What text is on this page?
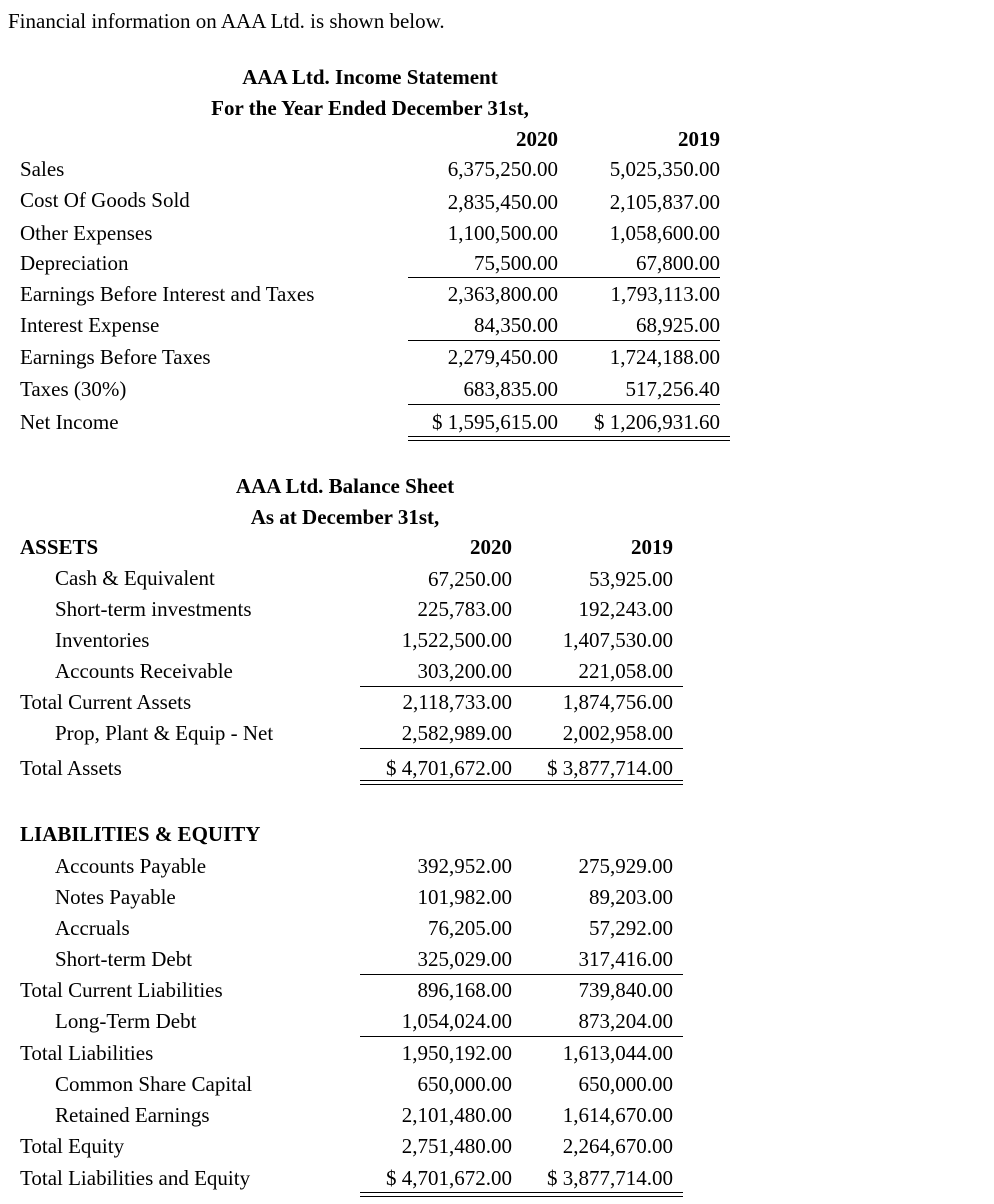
Financial information on AAA Ltd. is shown below.
AAA Ltd. Income Statement
For the Year Ended December 31st,
2020	2019
Sales	6,375,250.00	5,025,350.00
Cost Of Goods Sold	2,835,450.00	2,105,837.00
Other Expenses	1,100,500.00	1,058,600.00
Depreciation	75,500.00	67,800.00
Earnings Before Interest and Taxes	2,363,800.00	1,793,113.00
Interest Expense	84,350.00	68,925.00
Earnings Before Taxes	2,279,450.00	1,724,188.00
Taxes (30%)	683,835.00	517,256.40
Net Income	$ 1,595,615.00	$ 1,206,931.60
AAA Ltd. Balance Sheet
As at December 31st,
ASSETS	2020	2019
Cash & Equivalent	67,250.00	53,925.00
Short-term investments	225,783.00	192,243.00
Inventories	1,522,500.00	1,407,530.00
Accounts Receivable	303,200.00	221,058.00
Total Current Assets	2,118,733.00	1,874,756.00
Prop, Plant & Equip - Net	2,582,989.00	2,002,958.00
Total Assets	$ 4,701,672.00	$ 3,877,714.00
LIABILITIES & EQUITY
Accounts Payable	392,952.00	275,929.00
Notes Payable	101,982.00	89,203.00
Accruals	76,205.00	57,292.00
Short-term Debt	325,029.00	317,416.00
Total Current Liabilities	896,168.00	739,840.00
Long-Term Debt	1,054,024.00	873,204.00
Total Liabilities	1,950,192.00	1,613,044.00
Common Share Capital	650,000.00	650,000.00
Retained Earnings	2,101,480.00	1,614,670.00
Total Equity	2,751,480.00	2,264,670.00
Total Liabilities and Equity	$ 4,701,672.00	$ 3,877,714.00
